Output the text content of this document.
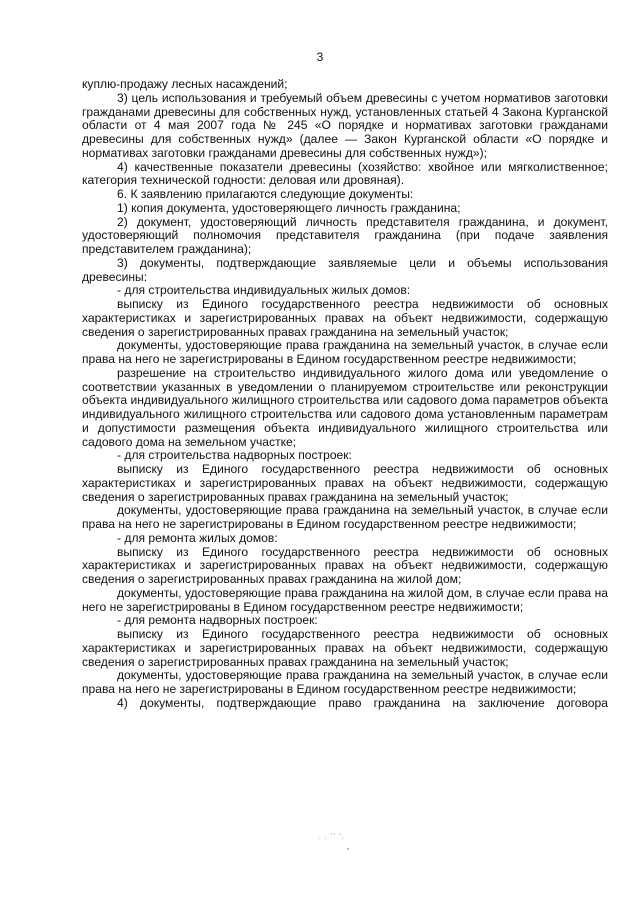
3

куплю-продажу лесных насаждений;

3) цель использования и требуемый объем древесины с учетом нормативов заготовки гражданами древесины для собственных нужд, установленных статьей 4 Закона Курганской области от 4 мая 2007 года № 245 «О порядке и нормативах заготовки гражданами древесины для собственных нужд» (далее — Закон Курганской области «О порядке и нормативах заготовки гражданами древесины для собственных нужд»);

4) качественные показатели древесины (хозяйство: хвойное или мягколиственное; категория технической годности: деловая или дровяная).

6. К заявлению прилагаются следующие документы:

1) копия документа, удостоверяющего личность гражданина;

2) документ, удостоверяющий личность представителя гражданина, и документ, удостоверяющий полномочия представителя гражданина (при подаче заявления представителем гражданина);

3) документы, подтверждающие заявляемые цели и объемы использования древесины:

- для строительства индивидуальных жилых домов:

выписку из Единого государственного реестра недвижимости об основных характеристиках и зарегистрированных правах на объект недвижимости, содержащую сведения о зарегистрированных правах гражданина на земельный участок;

документы, удостоверяющие права гражданина на земельный участок, в случае если права на него не зарегистрированы в Едином государственном реестре недвижимости;

разрешение на строительство индивидуального жилого дома или уведомление о соответствии указанных в уведомлении о планируемом строительстве или реконструкции объекта индивидуального жилищного строительства или садового дома параметров объекта индивидуального жилищного строительства или садового дома установленным параметрам и допустимости размещения объекта индивидуального жилищного строительства или садового дома на земельном участке;

- для строительства надворных построек:

выписку из Единого государственного реестра недвижимости об основных характеристиках и зарегистрированных правах на объект недвижимости, содержащую сведения о зарегистрированных правах гражданина на земельный участок;

документы, удостоверяющие права гражданина на земельный участок, в случае если права на него не зарегистрированы в Едином государственном реестре недвижимости;

- для ремонта жилых домов:

выписку из Единого государственного реестра недвижимости об основных характеристиках и зарегистрированных правах на объект недвижимости, содержащую сведения о зарегистрированных правах гражданина на жилой дом;

документы, удостоверяющие права гражданина на жилой дом, в случае если права на него не зарегистрированы в Едином государственном реестре недвижимости;

- для ремонта надворных построек:

выписку из Единого государственного реестра недвижимости об основных характеристиках и зарегистрированных правах на объект недвижимости, содержащую сведения о зарегистрированных правах гражданина на земельный участок;

документы, удостоверяющие права гражданина на земельный участок, в случае если права на него не зарегистрированы в Едином государственном реестре недвижимости;

4) документы, подтверждающие право гражданина на заключение договора

. . '' '.
